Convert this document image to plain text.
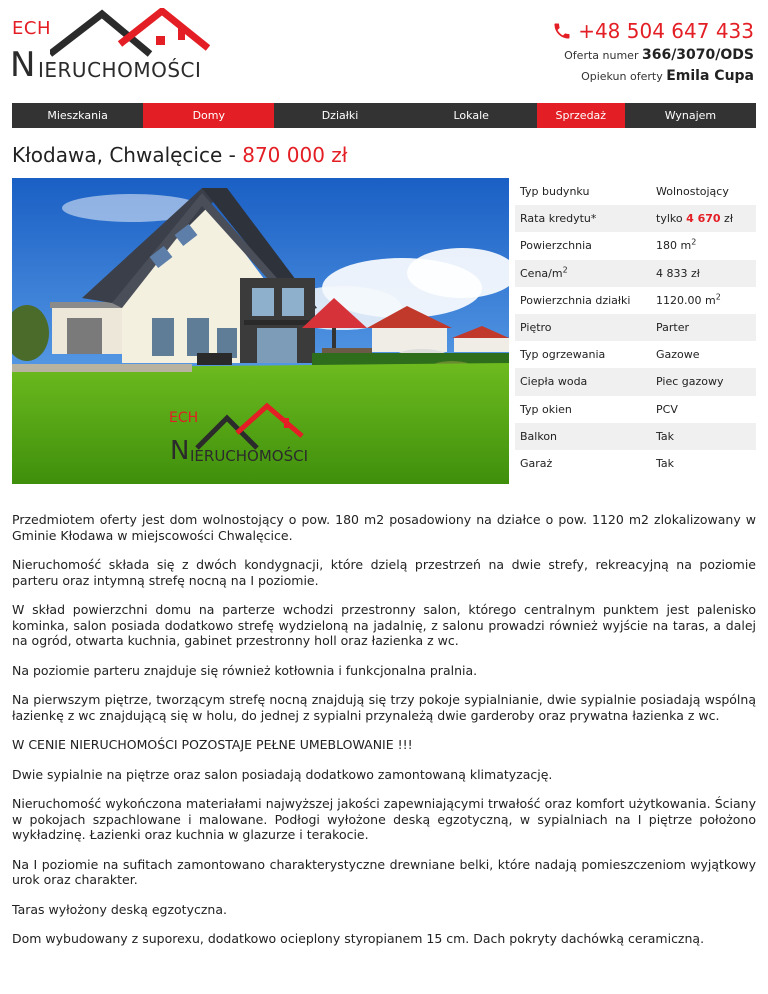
ECH
N IERUCHOMOŚCI
+48 504 647 433
Oferta numer 366/3070/ODS
Opiekun oferty Emila Cupa
Mieszkania	Domy	Działki	Lokale	Sprzedaż	Wynajem
Kłodawa, Chwalęcice - 870 000 zł
ECH
N IERUCHOMOŚCI
Typ budynku	Wolnostojący
Rata kredytu*	tylko 4 670 zł
Powierzchnia	180 $m^2$
Cena/$m^2$	4 833 zł
Powierzchnia działki	1120.00 $m^2$
Piętro	Parter
Typ ogrzewania	Gazowe
Ciepła woda	Piec gazowy
Typ okien	PCV
Balkon	Tak
Garaż	Tak

Przedmiotem oferty jest dom wolnostojący o pow. 180 m2 posadowiony na działce o pow. 1120 m2 zlokalizowany w Gminie Kłodawa w miejscowości Chwalęcice.

Nieruchomość składa się z dwóch kondygnacji, które dzielą przestrzeń na dwie strefy, rekreacyjną na poziomie parteru oraz intymną strefę nocną na I poziomie.

W skład powierzchni domu na parterze wchodzi przestronny salon, którego centralnym punktem jest palenisko kominka, salon posiada dodatkowo strefę wydzieloną na jadalnię, z salonu prowadzi również wyjście na taras, a dalej na ogród, otwarta kuchnia, gabinet przestronny holl oraz łazienka z wc.

Na poziomie parteru znajduje się również kotłownia i funkcjonalna pralnia.

Na pierwszym piętrze, tworzącym strefę nocną znajdują się trzy pokoje sypialnianie, dwie sypialnie posiadają wspólną łazienkę z wc znajdującą się w holu, do jednej z sypialni przynależą dwie garderoby oraz prywatna łazienka z wc.

W CENIE NIERUCHOMOŚCI POZOSTAJE PEŁNE UMEBLOWANIE !!!

Dwie sypialnie na piętrze oraz salon posiadają dodatkowo zamontowaną klimatyzację.

Nieruchomość wykończona materiałami najwyższej jakości zapewniającymi trwałość oraz komfort użytkowania. Ściany w pokojach szpachlowane i malowane. Podłogi wyłożone deską egzotyczną, w sypialniach na I piętrze położono wykładzinę. Łazienki oraz kuchnia w glazurze i terakocie.

Na I poziomie na sufitach zamontowano charakterystyczne drewniane belki, które nadają pomieszczeniom wyjątkowy urok oraz charakter.

Taras wyłożony deską egzotyczna.

Dom wybudowany z suporexu, dodatkowo ocieplony styropianem 15 cm. Dach pokryty dachówką ceramiczną.
